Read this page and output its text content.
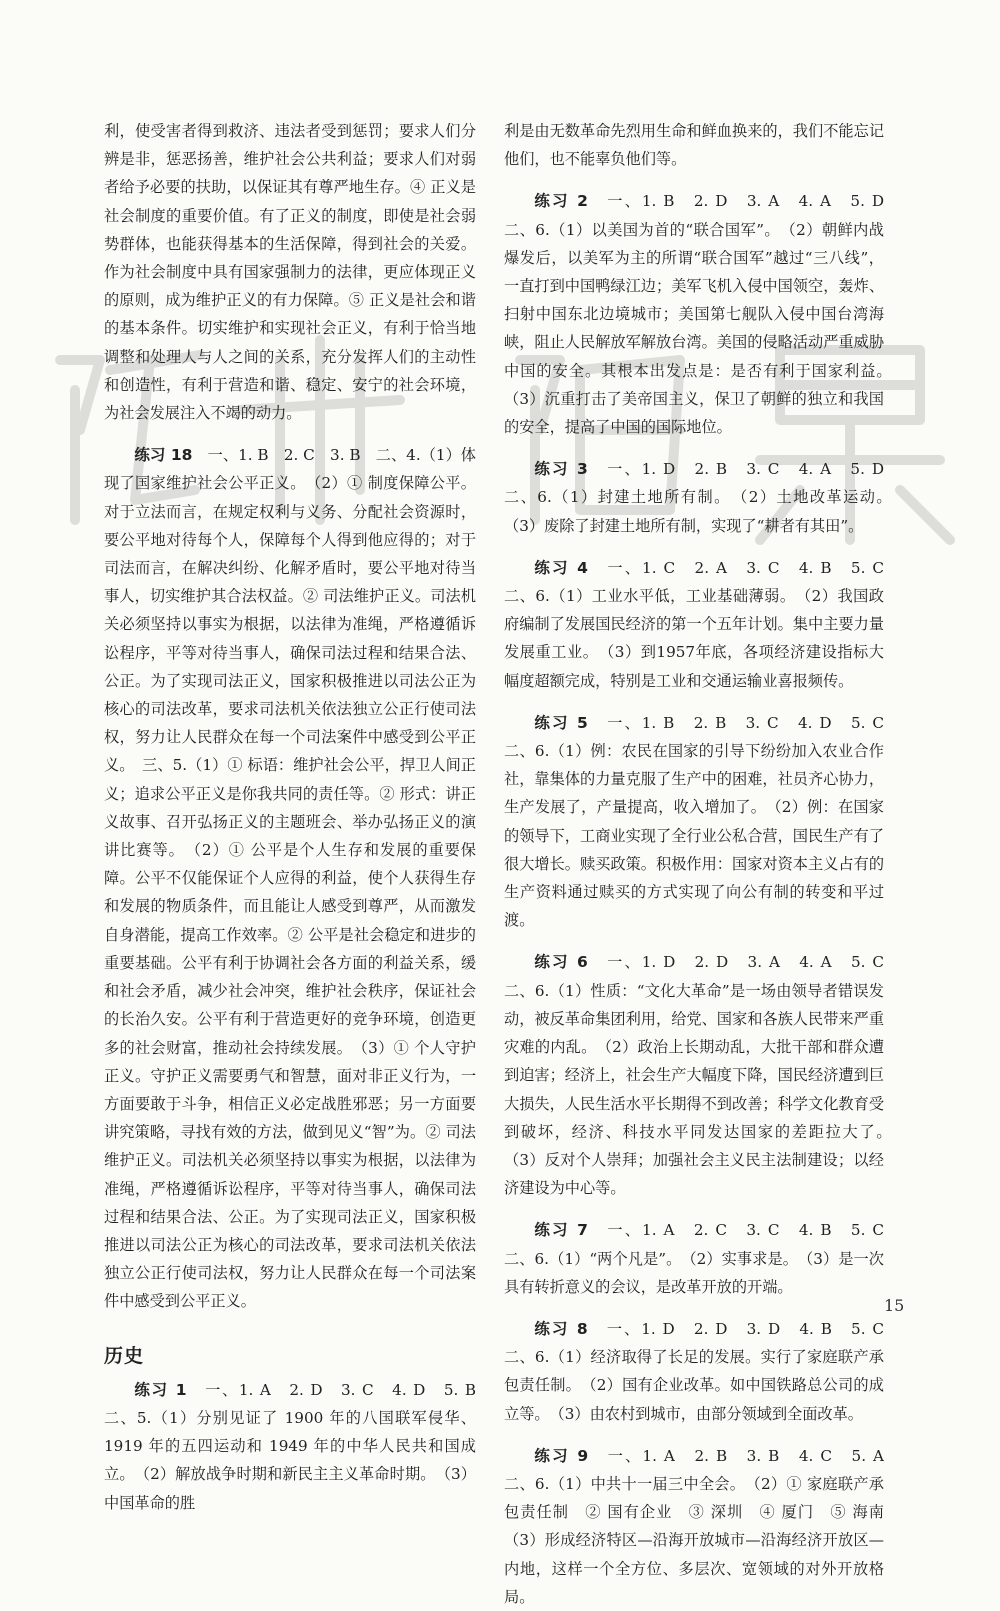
利，使受害者得到救济、违法者受到惩罚；要求人们分辨是非，惩恶扬善，维护社会公共利益；要求人们对弱者给予必要的扶助，以保证其有尊严地生存。④ 正义是社会制度的重要价值。有了正义的制度，即使是社会弱势群体，也能获得基本的生活保障，得到社会的关爱。作为社会制度中具有国家强制力的法律，更应体现正义的原则，成为维护正义的有力保障。⑤ 正义是社会和谐的基本条件。切实维护和实现社会正义，有利于恰当地调整和处理人与人之间的关系，充分发挥人们的主动性和创造性，有利于营造和谐、稳定、安宁的社会环境，为社会发展注入不竭的动力。

练习 18　 一、1. B　2. C　3. B　二、4.（1）体现了国家维护社会公平正义。　（2）① 制度保障公平。对于立法而言，在规定权利与义务、分配社会资源时，要公平地对待每个人，保障每个人得到他应得的；对于司法而言，在解决纠纷、化解矛盾时，要公平地对待当事人，切实维护其合法权益。② 司法维护正义。司法机关必须坚持以事实为根据，以法律为准绳，严格遵循诉讼程序，平等对待当事人，确保司法过程和结果合法、公正。为了实现司法正义，国家积极推进以司法公正为核心的司法改革，要求司法机关依法独立公正行使司法权，努力让人民群众在每一个司法案件中感受到公平正义。　三、5.（1）① 标语：维护社会公平，捍卫人间正义；追求公平正义是你我共同的责任等。② 形式：讲正义故事、召开弘扬正义的主题班会、举办弘扬正义的演讲比赛等。　（2）① 公平是个人生存和发展的重要保障。公平不仅能保证个人应得的利益，使个人获得生存和发展的物质条件，而且能让人感受到尊严，从而激发自身潜能，提高工作效率。② 公平是社会稳定和进步的重要基础。公平有利于协调社会各方面的利益关系，缓和社会矛盾，减少社会冲突，维护社会秩序，保证社会的长治久安。公平有利于营造更好的竞争环境，创造更多的社会财富，推动社会持续发展。　（3）① 个人守护正义。守护正义需要勇气和智慧，面对非正义行为，一方面要敢于斗争，相信正义必定战胜邪恶；另一方面要讲究策略，寻找有效的方法，做到见义“智”为。② 司法维护正义。司法机关必须坚持以事实为根据，以法律为准绳，严格遵循诉讼程序，平等对待当事人，确保司法过程和结果合法、公正。为了实现司法正义，国家积极推进以司法公正为核心的司法改革，要求司法机关依法独立公正行使司法权，努力让人民群众在每一个司法案件中感受到公平正义。

历史

练习 1　 一、1. A　2. D　3. C　4. D　5. B　二、5.（1）分别见证了 1900 年的八国联军侵华、1919 年的五四运动和 1949 年的中华人民共和国成立。　（2）解放战争时期和新民主主义革命时期。　（3）中国革命的胜

利是由无数革命先烈用生命和鲜血换来的，我们不能忘记他们，也不能辜负他们等。

练习 2　 一、1. B　2. D　3. A　4. A　5. D　二、6.（1）以美国为首的“联合国军”。　（2）朝鲜内战爆发后，以美军为主的所谓“联合国军”越过“三八线”，一直打到中国鸭绿江边；美军飞机入侵中国领空，轰炸、扫射中国东北边境城市；美国第七舰队入侵中国台湾海峡，阻止人民解放军解放台湾。美国的侵略活动严重威胁中国的安全。其根本出发点是：是否有利于国家利益。　（3）沉重打击了美帝国主义，保卫了朝鲜的独立和我国的安全，提高了中国的国际地位。

练习 3　 一、1. D　2. B　3. C　4. A　5. D　二、6.（1）封建土地所有制。　（2）土地改革运动。　（3）废除了封建土地所有制，实现了“耕者有其田”。

练习 4　 一、1. C　2. A　3. C　4. B　5. C　二、6.（1）工业水平低，工业基础薄弱。　（2）我国政府编制了发展国民经济的第一个五年计划。集中主要力量发展重工业。　（3）到1957年底，各项经济建设指标大幅度超额完成，特别是工业和交通运输业喜报频传。

练习 5　 一、1. B　2. B　3. C　4. D　5. C　二、6.（1）例：农民在国家的引导下纷纷加入农业合作社，靠集体的力量克服了生产中的困难，社员齐心协力，生产发展了，产量提高，收入增加了。　（2）例：在国家的领导下，工商业实现了全行业公私合营，国民生产有了很大增长。赎买政策。积极作用：国家对资本主义占有的生产资料通过赎买的方式实现了向公有制的转变和平过渡。

练习 6　 一、1. D　2. D　3. A　4. A　5. C　二、6.（1）性质：“文化大革命”是一场由领导者错误发动，被反革命集团利用，给党、国家和各族人民带来严重灾难的内乱。　（2）政治上长期动乱，大批干部和群众遭到迫害；经济上，社会生产大幅度下降，国民经济遭到巨大损失，人民生活水平长期得不到改善；科学文化教育受到破坏，经济、科技水平同发达国家的差距拉大了。　（3）反对个人崇拜；加强社会主义民主法制建设；以经济建设为中心等。

练习 7　 一、1. A　2. C　3. C　4. B　5. C　二、6.（1）“两个凡是”。　（2）实事求是。　（3）是一次具有转折意义的会议，是改革开放的开端。

练习 8　 一、1. D　2. D　3. D　4. B　5. C　二、6.（1）经济取得了长足的发展。实行了家庭联产承包责任制。　（2）国有企业改革。如中国铁路总公司的成立等。　（3）由农村到城市，由部分领域到全面改革。

练习 9　 一、1. A　2. B　3. B　4. C　5. A　二、6.（1）中共十一届三中全会。　（2）① 家庭联产承包责任制　② 国有企业　③ 深圳　④ 厦门　⑤ 海南　（3）形成经济特区—沿海开放城市—沿海经济开放区—内地，这样一个全方位、多层次、宽领域的对外开放格局。

15
